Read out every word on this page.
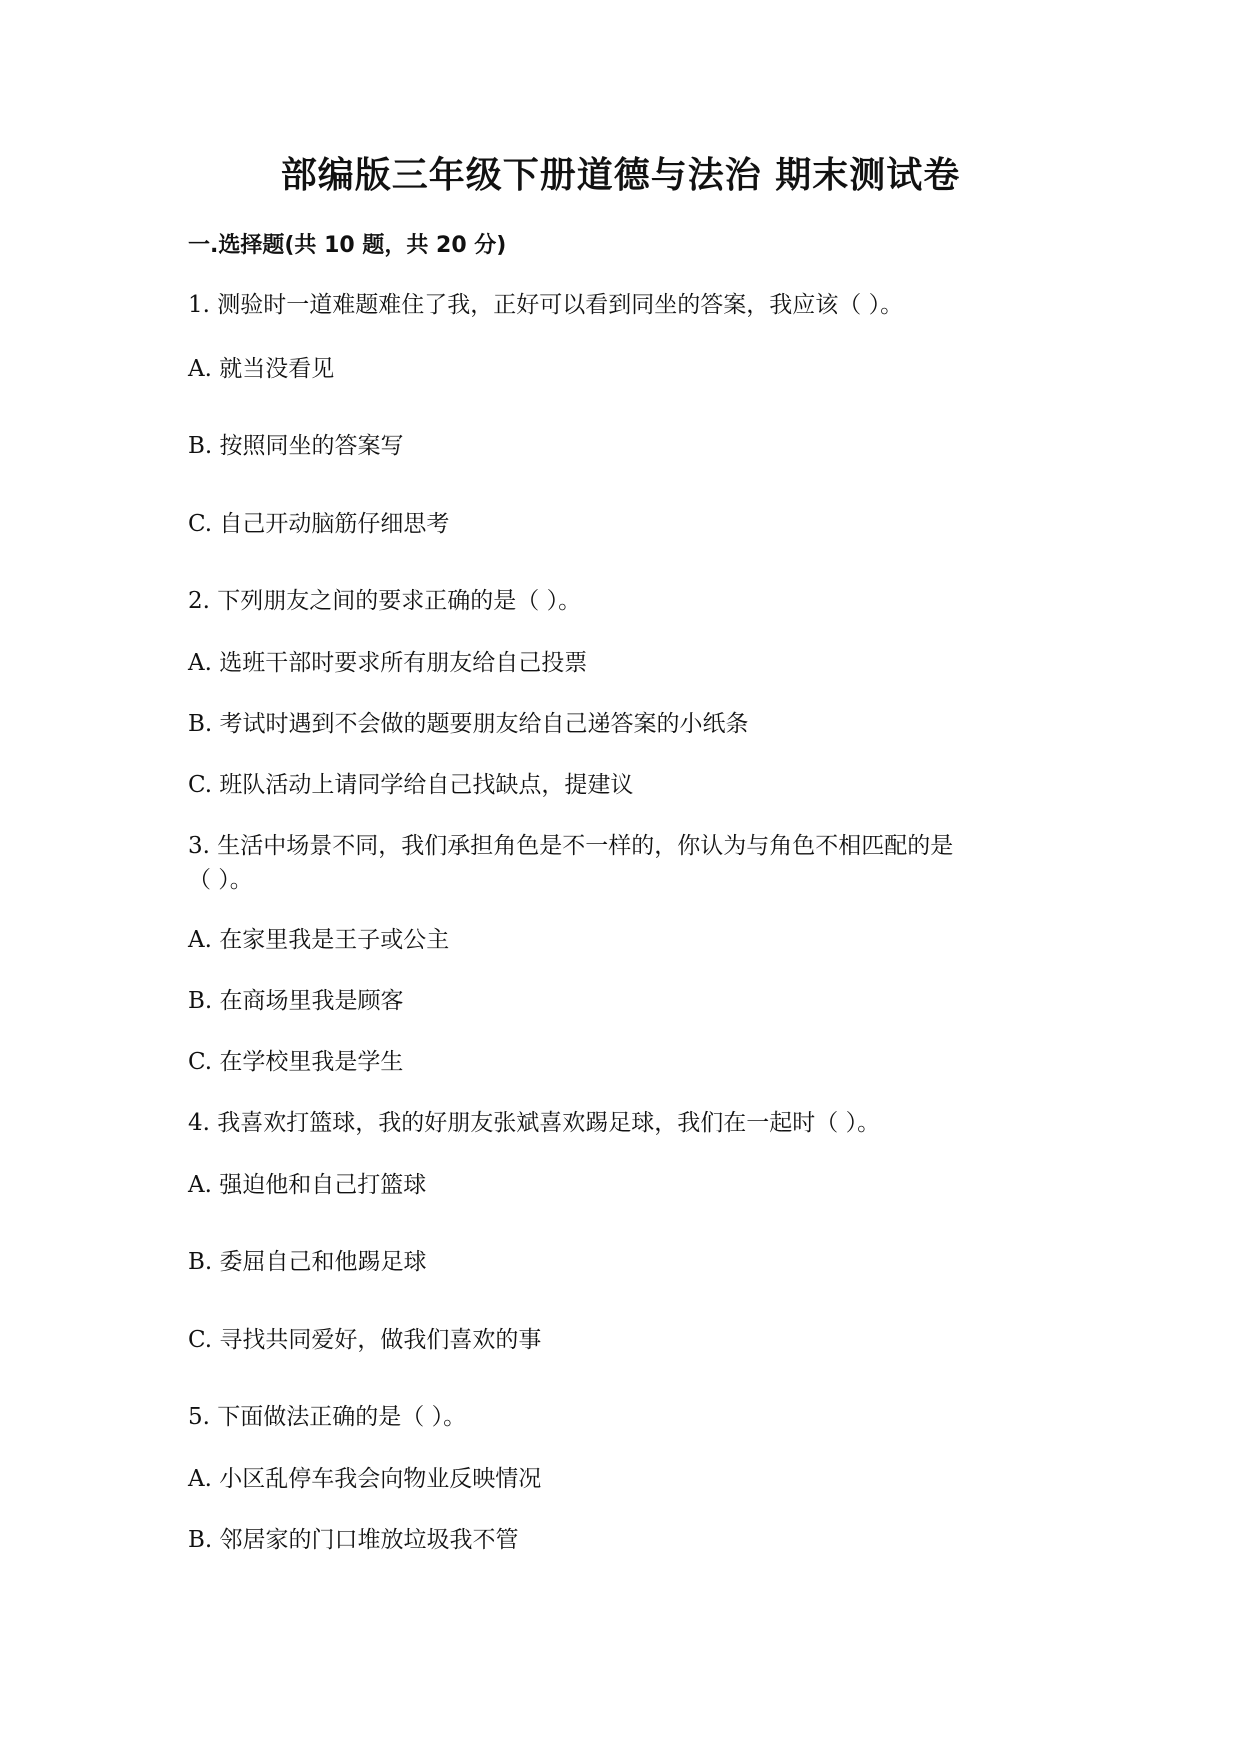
部编版三年级下册道德与法治 期末测试卷
一.选择题(共 10 题，共 20 分)
1. 测验时一道难题难住了我，正好可以看到同坐的答案，我应该（ ）。
A. 就当没看见
B. 按照同坐的答案写
C. 自己开动脑筋仔细思考
2. 下列朋友之间的要求正确的是（ ）。
A. 选班干部时要求所有朋友给自己投票
B. 考试时遇到不会做的题要朋友给自己递答案的小纸条
C. 班队活动上请同学给自己找缺点，提建议
3. 生活中场景不同，我们承担角色是不一样的，你认为与角色不相匹配的是
（ ）。
A. 在家里我是王子或公主
B. 在商场里我是顾客
C. 在学校里我是学生
4. 我喜欢打篮球，我的好朋友张斌喜欢踢足球，我们在一起时（ ）。
A. 强迫他和自己打篮球
B. 委屈自己和他踢足球
C. 寻找共同爱好，做我们喜欢的事
5. 下面做法正确的是（ ）。
A. 小区乱停车我会向物业反映情况
B. 邻居家的门口堆放垃圾我不管
